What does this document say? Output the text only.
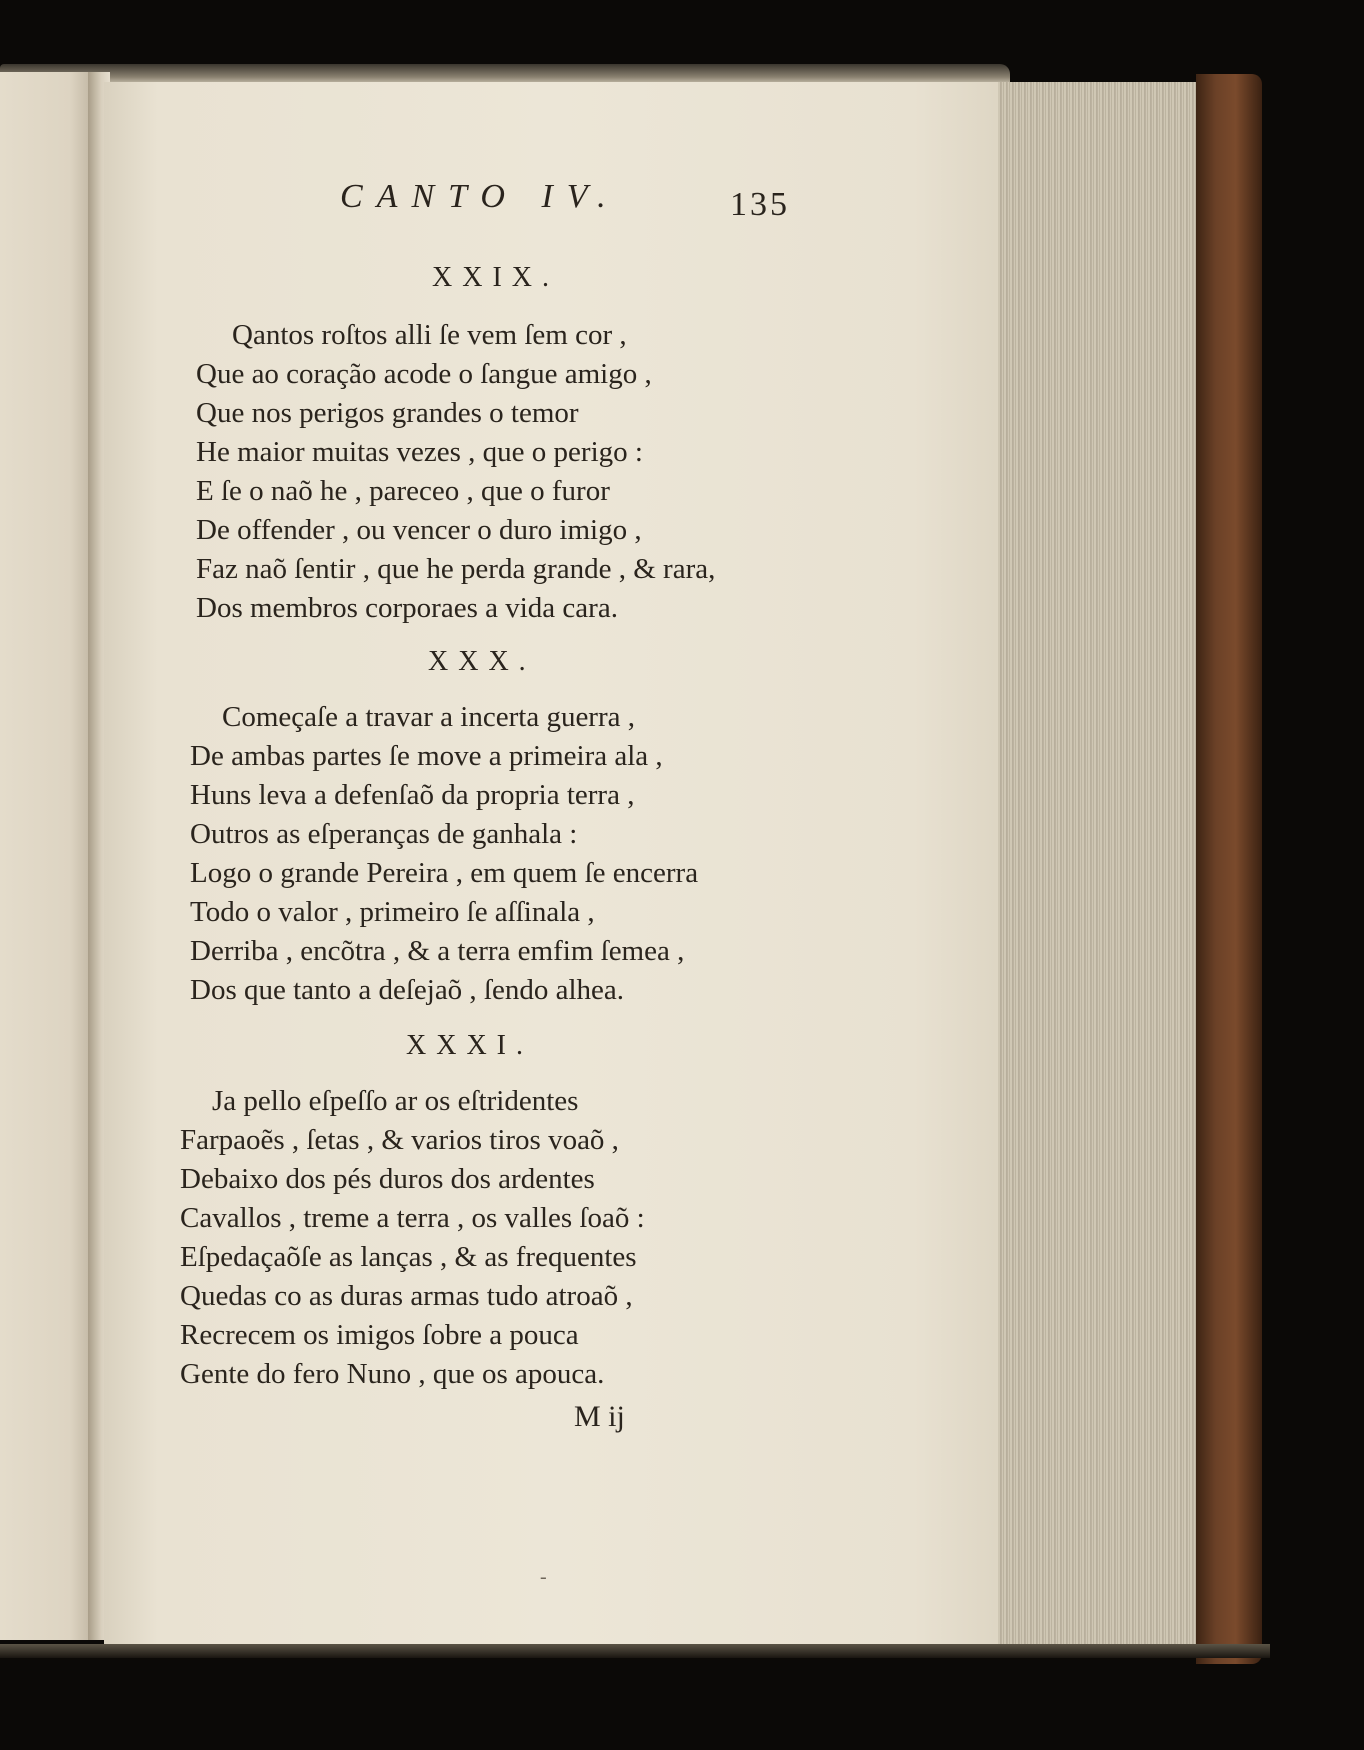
CANTO IV.	135
XXIX.
Qantos roſtos alli ſe vem ſem cor ,
Que ao coração acode o ſangue amigo ,
Que nos perigos grandes o temor
He maior muitas vezes , que o perigo :
E ſe o naõ he , pareceo , que o furor
De offender , ou vencer o duro imigo ,
Faz naõ ſentir , que he perda grande , & rara,
Dos membros corporaes a vida cara.
XXX.
Começaſe a travar a incerta guerra ,
De ambas partes ſe move a primeira ala ,
Huns leva a defenſaõ da propria terra ,
Outros as eſperanças de ganhala :
Logo o grande Pereira , em quem ſe encerra
Todo o valor , primeiro ſe aſſinala ,
Derriba , encõtra , & a terra emfim ſemea ,
Dos que tanto a deſejaõ , ſendo alhea.
XXXI.
Ja pello eſpeſſo ar os eſtridentes
Farpaoẽs , ſetas , & varios tiros voaõ ,
Debaixo dos pés duros dos ardentes
Cavallos , treme a terra , os valles ſoaõ :
Eſpedaçaõſe as lanças , & as frequentes
Quedas co as duras armas tudo atroaõ ,
Recrecem os imigos ſobre a pouca
Gente do fero Nuno , que os apouca.
M ij
-
